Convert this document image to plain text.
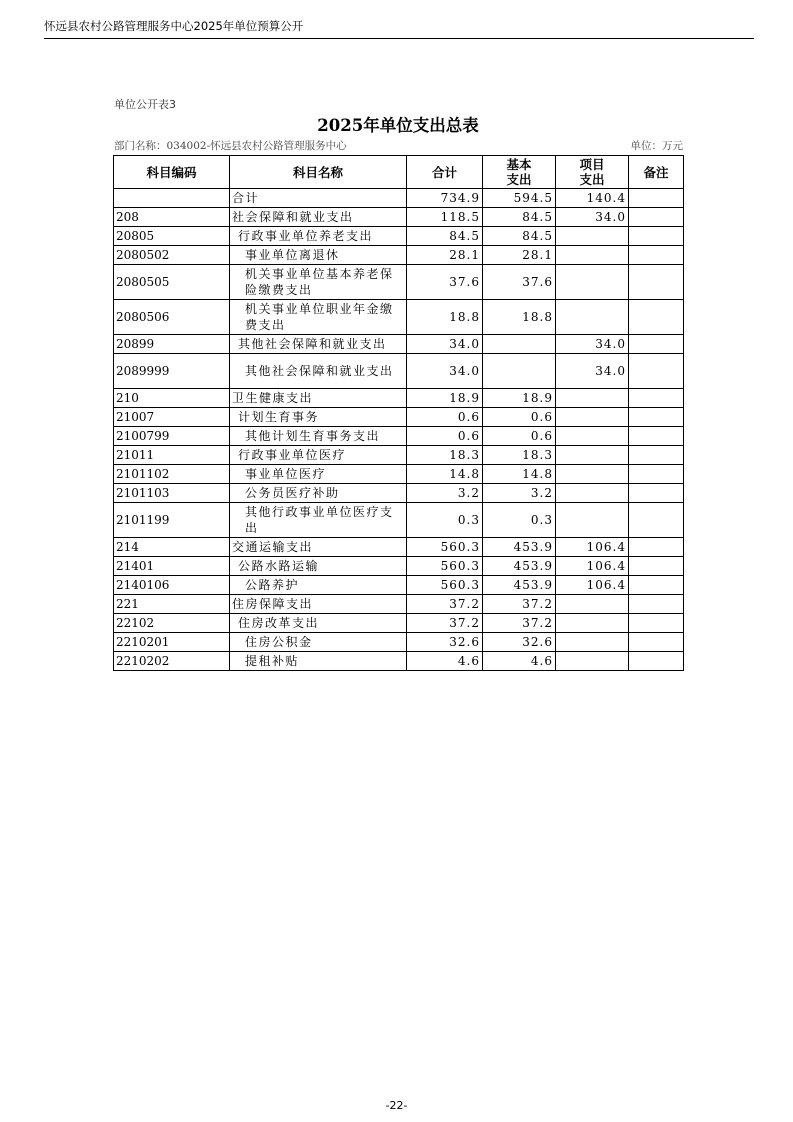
怀远县农村公路管理服务中心2025年单位预算公开
单位公开表3
2025年单位支出总表
部门名称：034002-怀远县农村公路管理服务中心	单位：万元
科目编码	科目名称	合计	基本支出	项目支出	备注
	合计	734.9	594.5	140.4	
208	社会保障和就业支出	118.5	84.5	34.0	
20805	行政事业单位养老支出	84.5	84.5		
2080502	事业单位离退休	28.1	28.1		
2080505	机关事业单位基本养老保险缴费支出	37.6	37.6		
2080506	机关事业单位职业年金缴费支出	18.8	18.8		
20899	其他社会保障和就业支出	34.0		34.0	
2089999	其他社会保障和就业支出	34.0		34.0	
210	卫生健康支出	18.9	18.9		
21007	计划生育事务	0.6	0.6		
2100799	其他计划生育事务支出	0.6	0.6		
21011	行政事业单位医疗	18.3	18.3		
2101102	事业单位医疗	14.8	14.8		
2101103	公务员医疗补助	3.2	3.2		
2101199	其他行政事业单位医疗支出	0.3	0.3		
214	交通运输支出	560.3	453.9	106.4	
21401	公路水路运输	560.3	453.9	106.4	
2140106	公路养护	560.3	453.9	106.4	
221	住房保障支出	37.2	37.2		
22102	住房改革支出	37.2	37.2		
2210201	住房公积金	32.6	32.6		
2210202	提租补贴	4.6	4.6		
-22-
